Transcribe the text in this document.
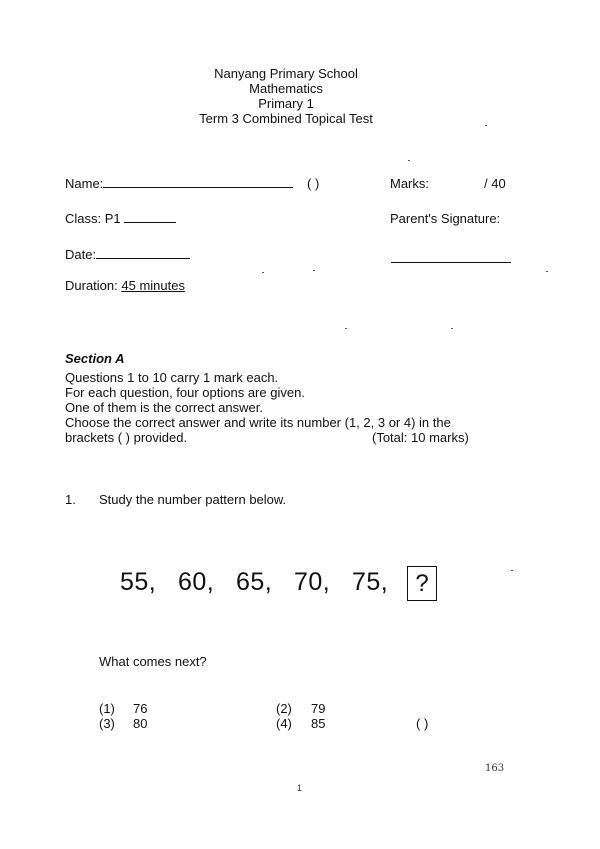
Nanyang Primary School
Mathematics
Primary 1
Term 3 Combined Topical Test
Name:	( )	Marks:	/ 40
Class: P1	Parent's Signature:
Date:
Duration: 45 minutes
Section A
Questions 1 to 10 carry 1 mark each.
For each question, four options are given.
One of them is the correct answer.
Choose the correct answer and write its number (1, 2, 3 or 4) in the
brackets ( ) provided.	(Total: 10 marks)
1. Study the number pattern below.
55, 60, 65, 70, 75,	?
What comes next?
(1) 76	(2) 79
(3) 80	(4) 85	( )
163
1
